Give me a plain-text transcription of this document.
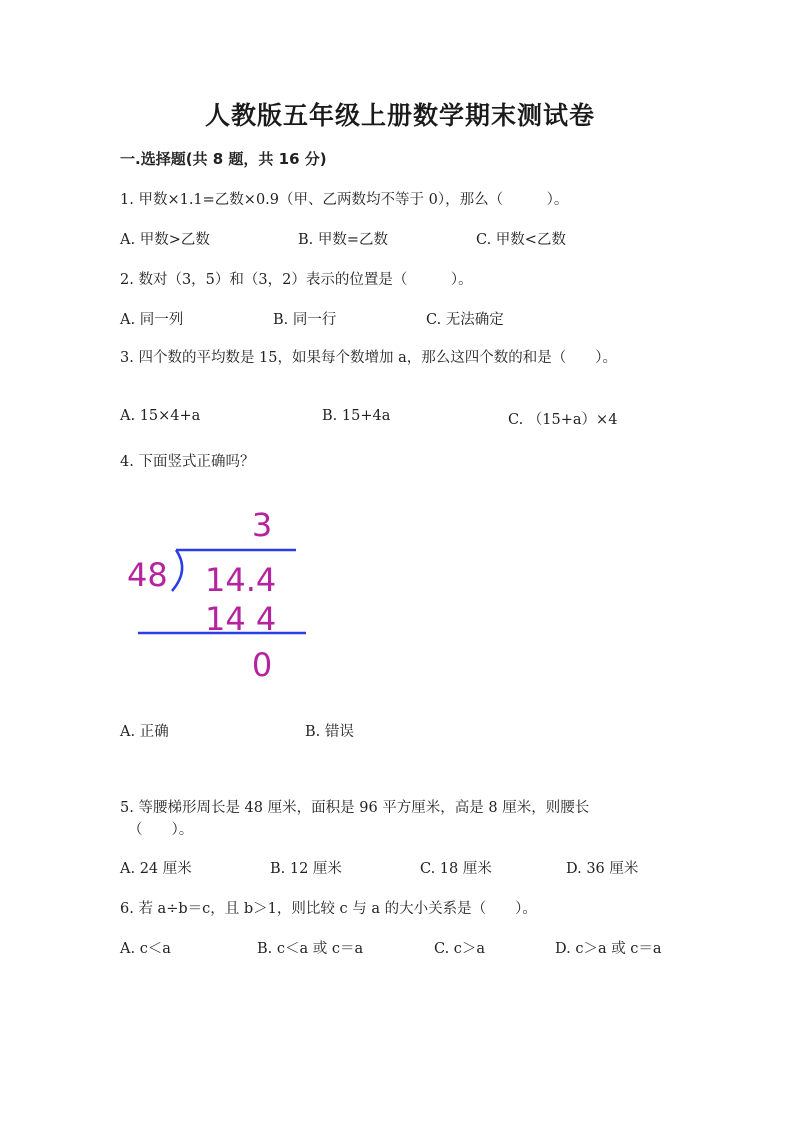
人教版五年级上册数学期末测试卷
一.选择题(共 8 题，共 16 分)
1. 甲数×1.1=乙数×0.9（甲、乙两数均不等于 0），那么（　　　）。
A. 甲数>乙数	B. 甲数=乙数	C. 甲数<乙数
2. 数对（3，5）和（3，2）表示的位置是（　　　）。
A. 同一列	B. 同一行	C. 无法确定
3. 四个数的平均数是 15，如果每个数增加 a，那么这四个数的和是（　　）。
A. 15×4+a	B. 15+4a	C. （15+a）×4
4. 下面竖式正确吗？
3
48 14.4
14 4
0
A. 正确	B. 错误
5. 等腰梯形周长是 48 厘米，面积是 96 平方厘米，高是 8 厘米，则腰长
（　　）。
A. 24 厘米	B. 12 厘米	C. 18 厘米	D. 36 厘米
6. 若 a÷b＝c，且 b＞1，则比较 c 与 a 的大小关系是（　　）。
A. c＜a	B. c＜a 或 c＝a	C. c＞a	D. c＞a 或 c＝a
